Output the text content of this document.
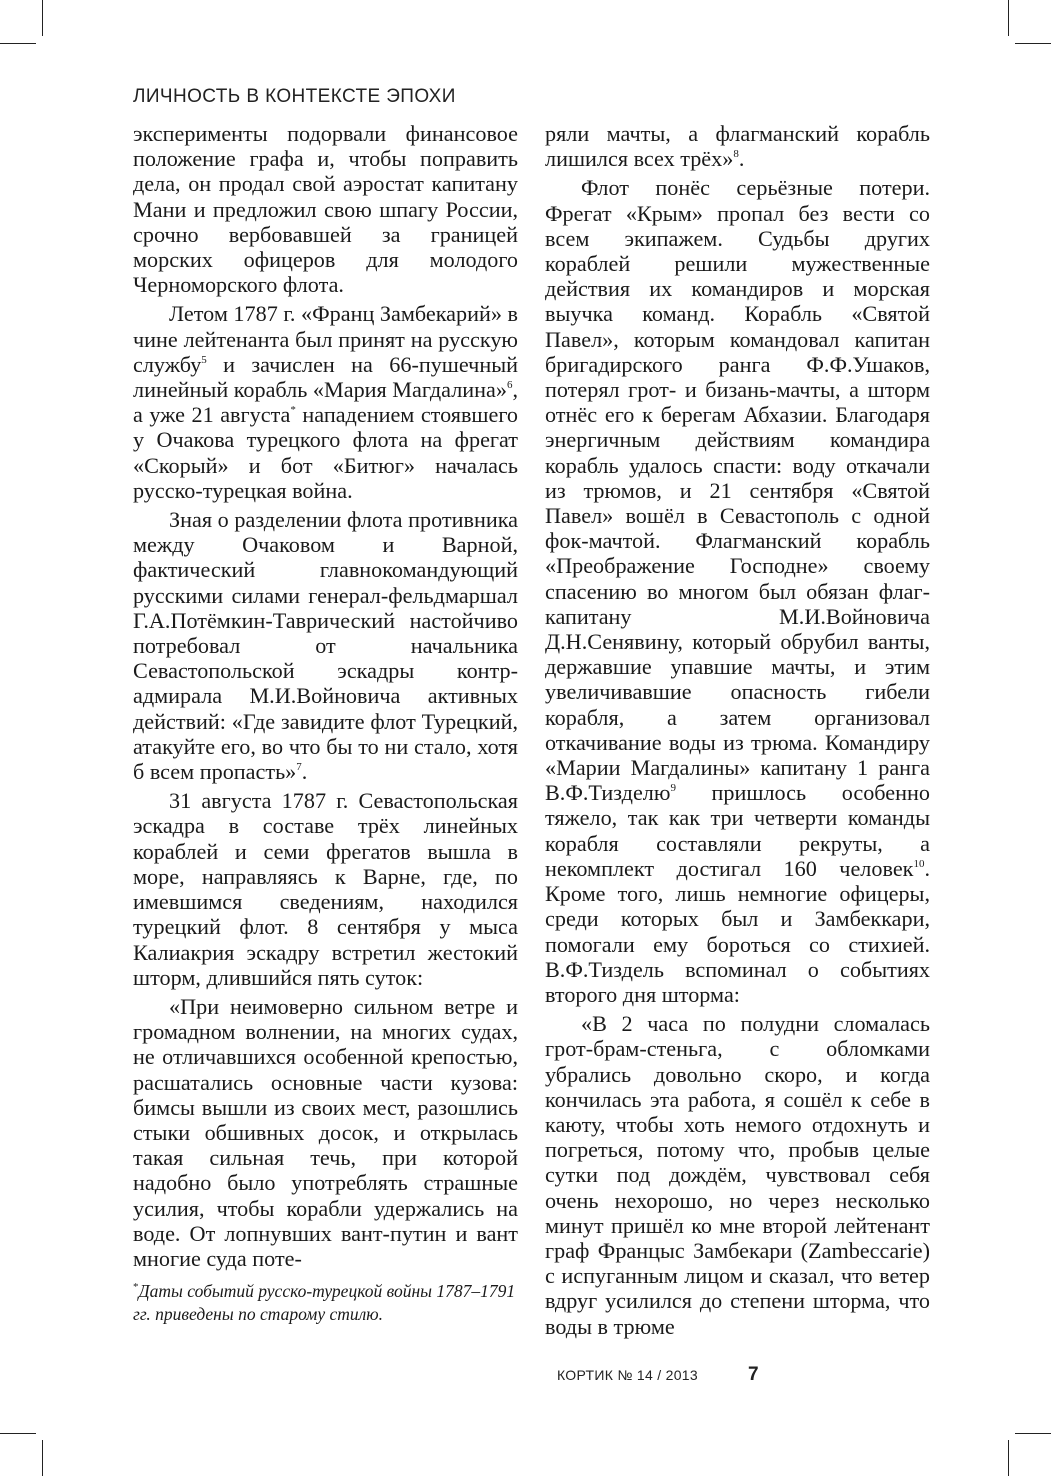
ЛИЧНОСТЬ В КОНТЕКСТЕ ЭПОХИ

эксперименты подорвали финансовое положение графа и, чтобы поправить дела, он продал свой аэростат капитану Мани и предложил свою шпагу России, срочно вербовавшей за границей морских офицеров для молодого Черноморского флота.

Летом 1787 г. «Франц Замбекарий» в чине лейтенанта был принят на русскую службу$^5$ и зачислен на 66-пушечный линейный корабль «Мария Магдалина»$^6$, а уже 21 августа* нападением стоявшего у Очакова турецкого флота на фрегат «Скорый» и бот «Битюг» началась русско-турецкая война.

Зная о разделении флота противника между Очаковом и Варной, фактический главнокомандующий русскими силами генерал-фельдмаршал Г.А.Потёмкин-Таврический настойчиво потребовал от начальника Севастопольской эскадры контр-адмирала М.И.Войновича активных действий: «Где завидите флот Турецкий, атакуйте его, во что бы то ни стало, хотя б всем пропасть»$^7$.

31 августа 1787 г. Севастопольская эскадра в составе трёх линейных кораблей и семи фрегатов вышла в море, направляясь к Варне, где, по имевшимся сведениям, находился турецкий флот. 8 сентября у мыса Калиакрия эскадру встретил жестокий шторм, длившийся пять суток:

«При неимоверно сильном ветре и громадном волнении, на многих судах, не отличавшихся особенной крепостью, расшатались основные части кузова: бимсы вышли из своих мест, разошлись стыки обшивных досок, и открылась такая сильная течь, при которой надобно было употреблять страшные усилия, чтобы корабли удержались на воде. От лопнувших вант-путин и вант многие суда поте-

*Даты событий русско-турецкой войны 1787–1791 гг. приведены по старому стилю.

ряли мачты, а флагманский корабль лишился всех трёх»$^8$.

Флот понёс серьёзные потери. Фрегат «Крым» пропал без вести со всем экипажем. Судьбы других кораблей решили мужественные действия их командиров и морская выучка команд. Корабль «Святой Павел», которым командовал капитан бригадирского ранга Ф.Ф.Ушаков, потерял грот- и бизань-мачты, а шторм отнёс его к берегам Абхазии. Благодаря энергичным действиям командира корабль удалось спасти: воду откачали из трюмов, и 21 сентября «Святой Павел» вошёл в Севастополь с одной фок-мачтой. Флагманский корабль «Преображение Господне» своему спасению во многом был обязан флаг-капитану М.И.Войновича Д.Н.Сенявину, который обрубил ванты, державшие упавшие мачты, и этим увеличивавшие опасность гибели корабля, а затем организовал откачивание воды из трюма. Командиру «Марии Магдалины» капитану 1 ранга В.Ф.Тизделю$^9$ пришлось особенно тяжело, так как три четверти команды корабля составляли рекруты, а некомплект достигал 160 человек$^{10}$. Кроме того, лишь немногие офицеры, среди которых был и Замбеккари, помогали ему бороться со стихией. В.Ф.Тиздель вспоминал о событиях второго дня шторма:

«В 2 часа по полудни сломалась грот-брам-стеньга, с обломками убрались довольно скоро, и когда кончилась эта работа, я сошёл к себе в каюту, чтобы хоть немого отдохнуть и погреться, потому что, пробыв целые сутки под дождём, чувствовал себя очень нехорошо, но через несколько минут пришёл ко мне второй лейтенант граф Францыс Замбекари (Zambeccarie) с испуганным лицом и сказал, что ветер вдруг усилился до степени шторма, что воды в трюме

КОРТИК № 14 / 2013	7
